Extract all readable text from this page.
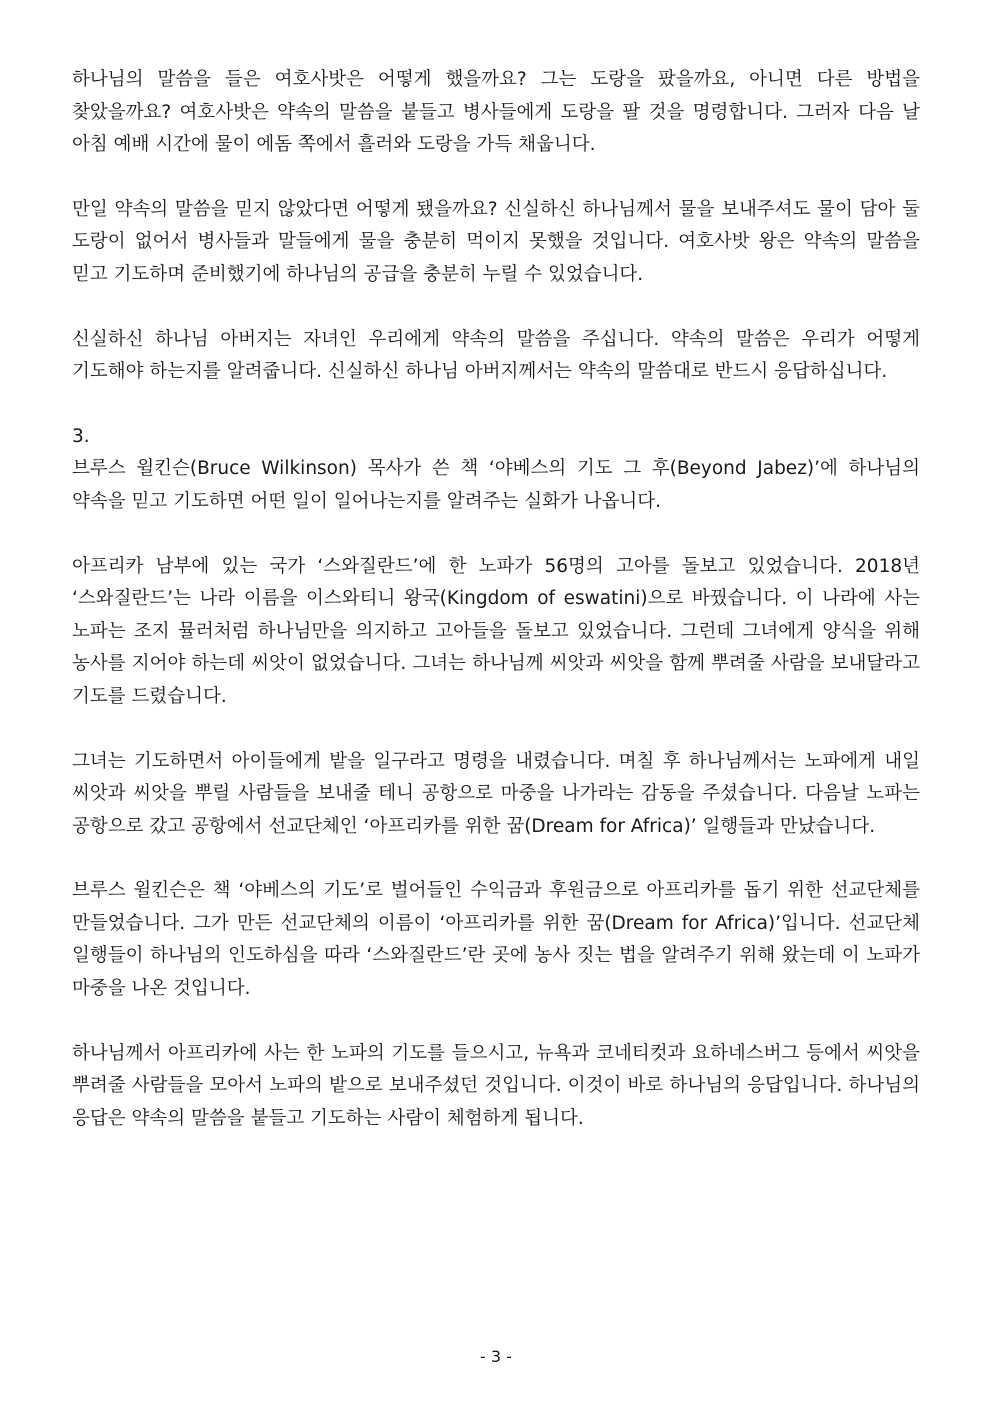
하나님의 말씀을 들은 여호사밧은 어떻게 했을까요? 그는 도랑을 팠을까요, 아니면 다른 방법을 찾았을까요? 여호사밧은 약속의 말씀을 붙들고 병사들에게 도랑을 팔 것을 명령합니다. 그러자 다음 날 아침 예배 시간에 물이 에돔 쪽에서 흘러와 도랑을 가득 채웁니다.

만일 약속의 말씀을 믿지 않았다면 어떻게 됐을까요? 신실하신 하나님께서 물을 보내주셔도 물이 담아 둘 도랑이 없어서 병사들과 말들에게 물을 충분히 먹이지 못했을 것입니다. 여호사밧 왕은 약속의 말씀을 믿고 기도하며 준비했기에 하나님의 공급을 충분히 누릴 수 있었습니다.

신실하신 하나님 아버지는 자녀인 우리에게 약속의 말씀을 주십니다. 약속의 말씀은 우리가 어떻게 기도해야 하는지를 알려줍니다. 신실하신 하나님 아버지께서는 약속의 말씀대로 반드시 응답하십니다.

3.

브루스 윌킨슨(Bruce Wilkinson) 목사가 쓴 책 ‘야베스의 기도 그 후(Beyond Jabez)’에 하나님의 약속을 믿고 기도하면 어떤 일이 일어나는지를 알려주는 실화가 나옵니다.

아프리카 남부에 있는 국가 ‘스와질란드’에 한 노파가 56명의 고아를 돌보고 있었습니다. 2018년 ‘스와질란드’는 나라 이름을 이스와티니 왕국(Kingdom of eswatini)으로 바꿨습니다. 이 나라에 사는 노파는 조지 뮬러처럼 하나님만을 의지하고 고아들을 돌보고 있었습니다. 그런데 그녀에게 양식을 위해 농사를 지어야 하는데 씨앗이 없었습니다. 그녀는 하나님께 씨앗과 씨앗을 함께 뿌려줄 사람을 보내달라고 기도를 드렸습니다.

그녀는 기도하면서 아이들에게 밭을 일구라고 명령을 내렸습니다. 며칠 후 하나님께서는 노파에게 내일 씨앗과 씨앗을 뿌릴 사람들을 보내줄 테니 공항으로 마중을 나가라는 감동을 주셨습니다. 다음날 노파는 공항으로 갔고 공항에서 선교단체인 ‘아프리카를 위한 꿈(Dream for Africa)’ 일행들과 만났습니다.

브루스 윌킨슨은 책 ‘야베스의 기도’로 벌어들인 수익금과 후원금으로 아프리카를 돕기 위한 선교단체를 만들었습니다. 그가 만든 선교단체의 이름이 ‘아프리카를 위한 꿈(Dream for Africa)’입니다. 선교단체 일행들이 하나님의 인도하심을 따라 ‘스와질란드’란 곳에 농사 짓는 법을 알려주기 위해 왔는데 이 노파가 마중을 나온 것입니다.

하나님께서 아프리카에 사는 한 노파의 기도를 들으시고, 뉴욕과 코네티컷과 요하네스버그 등에서 씨앗을 뿌려줄 사람들을 모아서 노파의 밭으로 보내주셨던 것입니다. 이것이 바로 하나님의 응답입니다. 하나님의 응답은 약속의 말씀을 붙들고 기도하는 사람이 체험하게 됩니다.

- 3 -
